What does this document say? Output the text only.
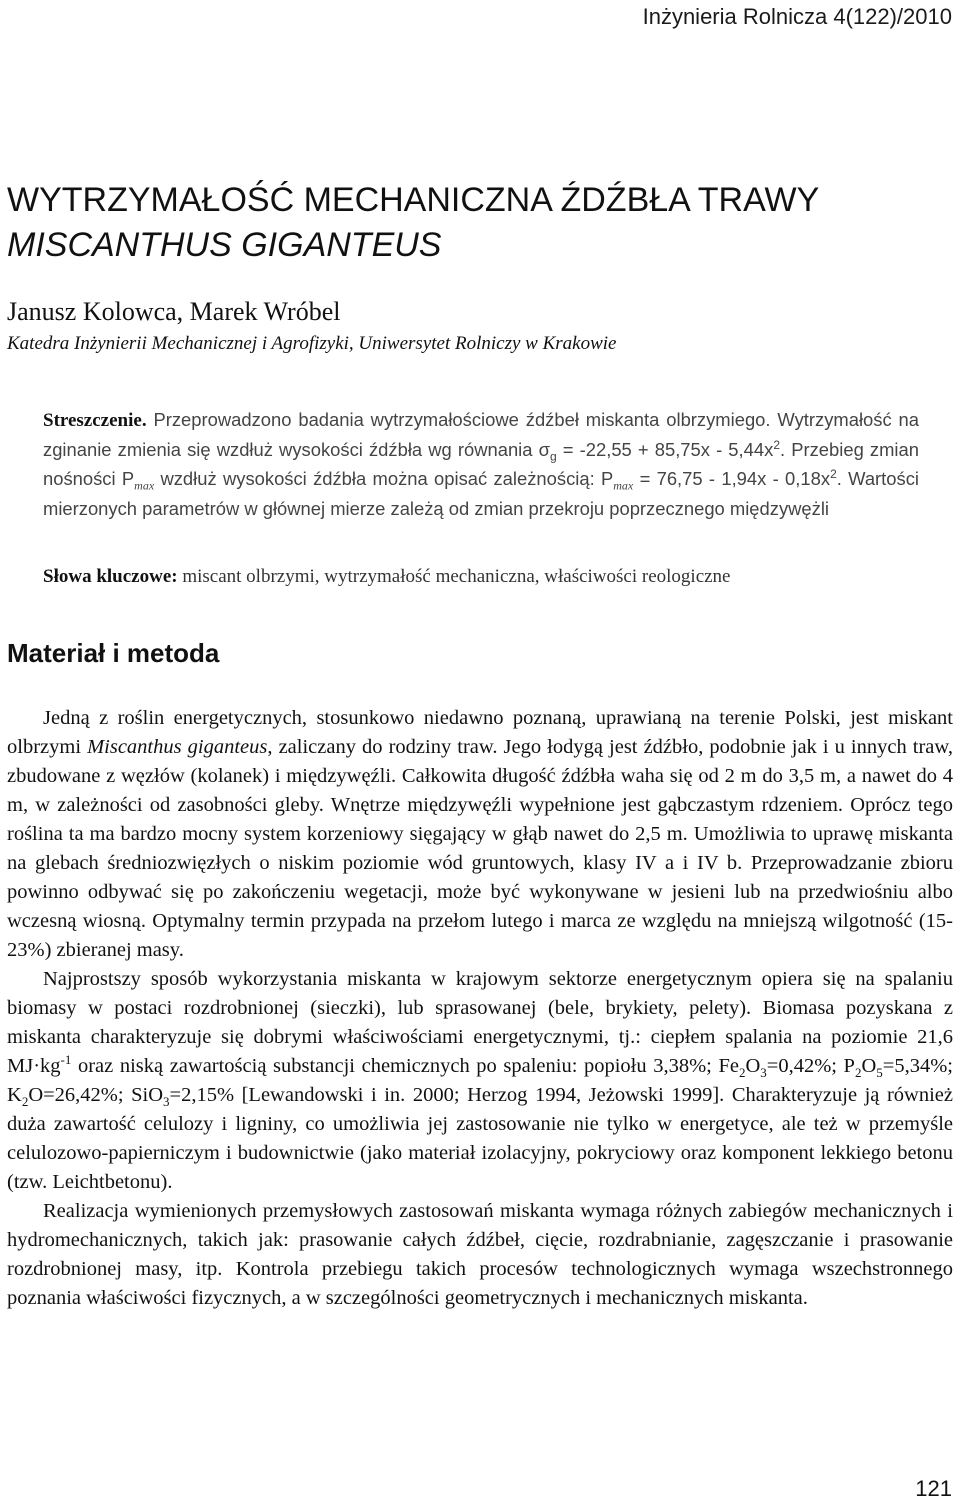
Inżynieria Rolnicza 4(122)/2010
WYTRZYMAŁOŚĆ MECHANICZNA ŹDŹBŁA TRAWY
MISCANTHUS GIGANTEUS
Janusz Kolowca, Marek Wróbel
Katedra Inżynierii Mechanicznej i Agrofizyki, Uniwersytet Rolniczy w Krakowie

Streszczenie. Przeprowadzono badania wytrzymałościowe źdźbeł miskanta olbrzymiego. Wytrzymałość na zginanie zmienia się wzdłuż wysokości źdźbła wg równania $\sigma_g = -22,55 + 85,75x - 5,44x^2$. Przebieg zmian nośności $P_{max}$ wzdłuż wysokości źdźbła można opisać zależnością: $P_{max} = 76,75 - 1,94x - 0,18x^2$. Wartości mierzonych parametrów w głównej mierze zależą od zmian przekroju poprzecznego międzywężli

Słowa kluczowe: miscant olbrzymi, wytrzymałość mechaniczna, właściwości reologiczne

Materiał i metoda

Jedną z roślin energetycznych, stosunkowo niedawno poznaną, uprawianą na terenie Polski, jest miskant olbrzymi Miscanthus giganteus, zaliczany do rodziny traw. Jego łodygą jest źdźbło, podobnie jak i u innych traw, zbudowane z węzłów (kolanek) i międzywęźli. Całkowita długość źdźbła waha się od 2 m do 3,5 m, a nawet do 4 m, w zależności od zasobności gleby. Wnętrze międzywęźli wypełnione jest gąbczastym rdzeniem. Oprócz tego roślina ta ma bardzo mocny system korzeniowy sięgający w głąb nawet do 2,5 m. Umożliwia to uprawę miskanta na glebach średniozwięzłych o niskim poziomie wód gruntowych, klasy IV a i IV b. Przeprowadzanie zbioru powinno odbywać się po zakończeniu wegetacji, może być wykonywane w jesieni lub na przedwiośniu albo wczesną wiosną. Optymalny termin przypada na przełom lutego i marca ze względu na mniejszą wilgotność (15-23%) zbieranej masy.

Najprostszy sposób wykorzystania miskanta w krajowym sektorze energetycznym opiera się na spalaniu biomasy w postaci rozdrobnionej (sieczki), lub sprasowanej (bele, brykiety, pelety). Biomasa pozyskana z miskanta charakteryzuje się dobrymi właściwościami energetycznymi, tj.: ciepłem spalania na poziomie 21,6 $MJ\cdot kg^{-1}$ oraz niską zawartością substancji chemicznych po spaleniu: popiołu 3,38%; $Fe_2O_3=0,42\%$; $P_2O_5=5,34\%$; $K_2O=26,42\%$; SiO$_3$=2,15% [Lewandowski i in. 2000; Herzog 1994, Jeżowski 1999]. Charakteryzuje ją również duża zawartość celulozy i ligniny, co umożliwia jej zastosowanie nie tylko w energetyce, ale też w przemyśle celulozowo-papierniczym i budownictwie (jako materiał izolacyjny, pokryciowy oraz komponent lekkiego betonu (tzw. Leichtbetonu).

Realizacja wymienionych przemysłowych zastosowań miskanta wymaga różnych zabiegów mechanicznych i hydromechanicznych, takich jak: prasowanie całych źdźbeł, cięcie, rozdrabnianie, zagęszczanie i prasowanie rozdrobnionej masy, itp. Kontrola przebiegu takich procesów technologicznych wymaga wszechstronnego poznania właściwości fizycznych, a w szczególności geometrycznych i mechanicznych miskanta.

121
